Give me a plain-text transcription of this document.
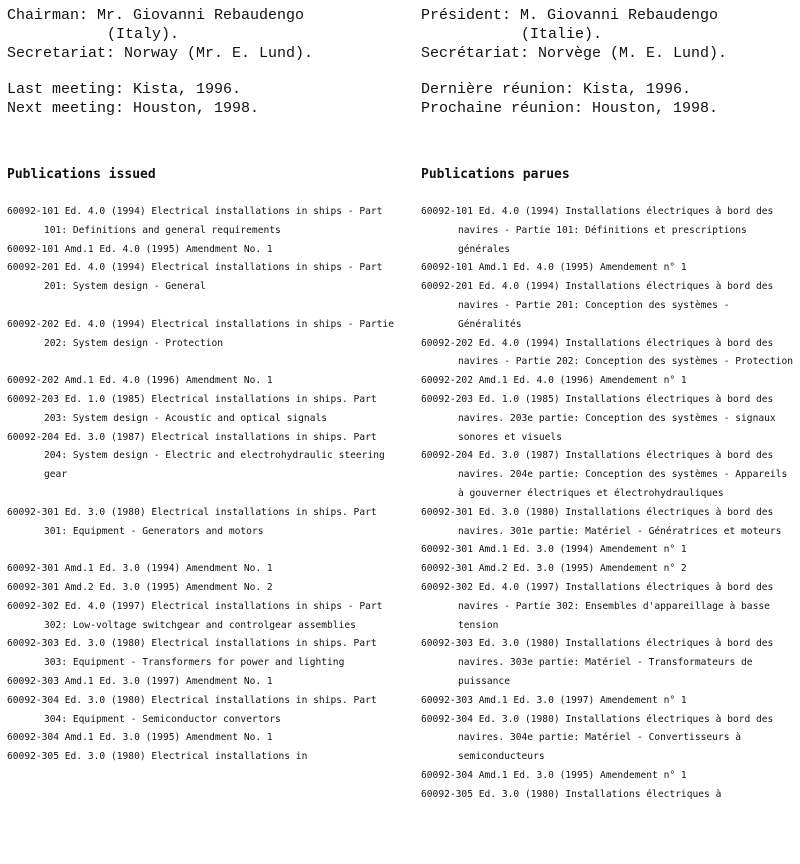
Chairman: Mr. Giovanni Rebaudengo
(Italy).
Secretariat: Norway (Mr. E. Lund).
Last meeting: Kista, 1996.
Next meeting: Houston, 1998.
Publications issued

60092-101 Ed. 4.0 (1994) Electrical installations in ships - Part 101: Definitions and general requirements

60092-101 Amd.1 Ed. 4.0 (1995) Amendment No. 1

60092-201 Ed. 4.0 (1994) Electrical installations in ships - Part 201: System design - General

60092-202 Ed. 4.0 (1994) Electrical installations in ships - Partie 202: System design - Protection

60092-202 Amd.1 Ed. 4.0 (1996) Amendment No. 1

60092-203 Ed. 1.0 (1985) Electrical installations in ships. Part 203: System design - Acoustic and optical signals

60092-204 Ed. 3.0 (1987) Electrical installations in ships. Part 204: System design - Electric and electrohydraulic steering gear

60092-301 Ed. 3.0 (1980) Electrical installations in ships. Part 301: Equipment - Generators and motors

60092-301 Amd.1 Ed. 3.0 (1994) Amendment No. 1

60092-301 Amd.2 Ed. 3.0 (1995) Amendment No. 2

60092-302 Ed. 4.0 (1997) Electrical installations in ships - Part 302: Low-voltage switchgear and controlgear assemblies

60092-303 Ed. 3.0 (1980) Electrical installations in ships. Part 303: Equipment - Transformers for power and lighting

60092-303 Amd.1 Ed. 3.0 (1997) Amendment No. 1

60092-304 Ed. 3.0 (1980) Electrical installations in ships. Part 304: Equipment - Semiconductor convertors

60092-304 Amd.1 Ed. 3.0 (1995) Amendment No. 1

60092-305 Ed. 3.0 (1980) Electrical installations in

Président: M. Giovanni Rebaudengo
(Italie).
Secrétariat: Norvège (M. E. Lund).
Dernière réunion: Kista, 1996.
Prochaine réunion: Houston, 1998.
Publications parues

60092-101 Ed. 4.0 (1994) Installations électriques à bord des navires - Partie 101: Définitions et prescriptions générales

60092-101 Amd.1 Ed. 4.0 (1995) Amendement n° 1

60092-201 Ed. 4.0 (1994) Installations électriques à bord des navires - Partie 201: Conception des systèmes - Généralités

60092-202 Ed. 4.0 (1994) Installations électriques à bord des navires - Partie 202: Conception des systèmes - Protection

60092-202 Amd.1 Ed. 4.0 (1996) Amendement n° 1

60092-203 Ed. 1.0 (1985) Installations électriques à bord des navires. 203e partie: Conception des systèmes - signaux sonores et visuels

60092-204 Ed. 3.0 (1987) Installations électriques à bord des navires. 204e partie: Conception des systèmes - Appareils à gouverner électriques et électrohydrauliques

60092-301 Ed. 3.0 (1980) Installations électriques à bord des navires. 301e partie: Matériel - Génératrices et moteurs

60092-301 Amd.1 Ed. 3.0 (1994) Amendement n° 1

60092-301 Amd.2 Ed. 3.0 (1995) Amendement n° 2

60092-302 Ed. 4.0 (1997) Installations électriques à bord des navires - Partie 302: Ensembles d'appareillage à basse tension

60092-303 Ed. 3.0 (1980) Installations électriques à bord des navires. 303e partie: Matériel - Transformateurs de puissance

60092-303 Amd.1 Ed. 3.0 (1997) Amendement n° 1

60092-304 Ed. 3.0 (1980) Installations électriques à bord des navires. 304e partie: Matériel - Convertisseurs à semiconducteurs

60092-304 Amd.1 Ed. 3.0 (1995) Amendement n° 1

60092-305 Ed. 3.0 (1980) Installations électriques à
